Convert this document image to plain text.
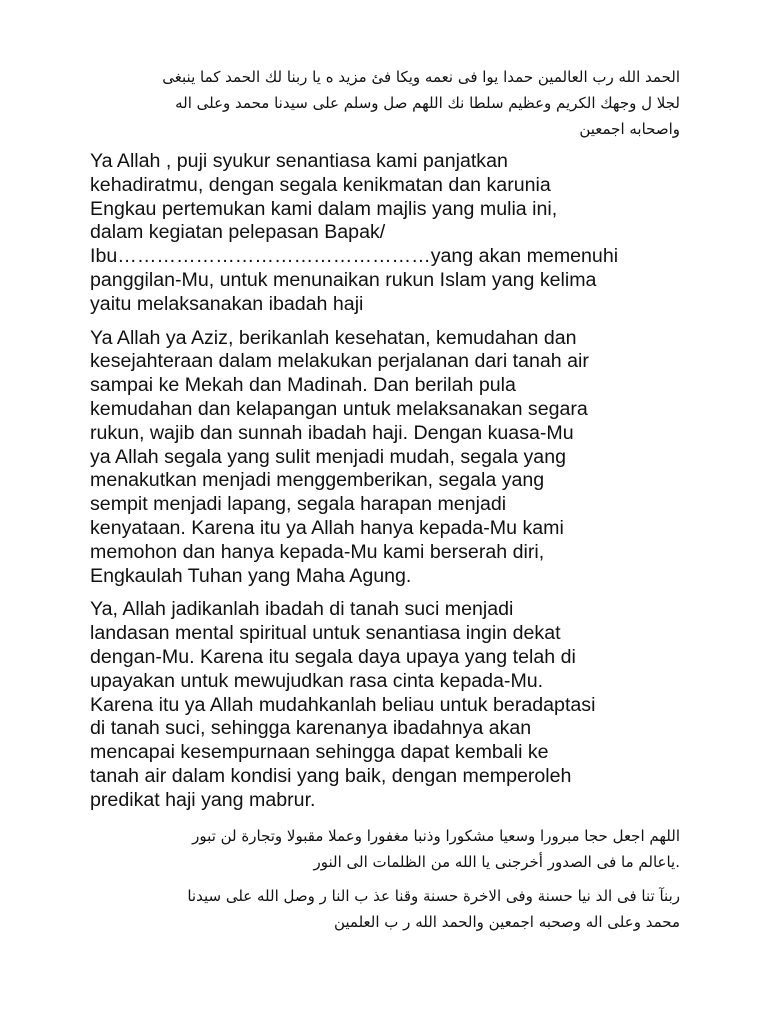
الحمد الله رب العالمين حمدا يوا فى نعمه ويكا فئ مزيد ه يا ربنا لك الحمد كما ينبغى
لجلا ل وجهك الكريم وعظيم سلطا نك اللهم صل وسلم على سيدنا محمد وعلى اله
واصحابه اجمعين
Ya Allah , puji syukur senantiasa kami panjatkan
kehadiratmu, dengan segala kenikmatan dan karunia
Engkau pertemukan kami dalam majlis yang mulia ini,
dalam kegiatan pelepasan Bapak/
Ibu…………………………………………yang akan memenuhi
panggilan-Mu, untuk menunaikan rukun Islam yang kelima
yaitu melaksanakan ibadah haji
Ya Allah ya Aziz, berikanlah kesehatan, kemudahan dan
kesejahteraan dalam melakukan perjalanan dari tanah air
sampai ke Mekah dan Madinah. Dan berilah pula
kemudahan dan kelapangan untuk melaksanakan segara
rukun, wajib dan sunnah ibadah haji. Dengan kuasa-Mu
ya Allah segala yang sulit menjadi mudah, segala yang
menakutkan menjadi menggemberikan, segala yang
sempit menjadi lapang, segala harapan menjadi
kenyataan. Karena itu ya Allah hanya kepada-Mu kami
memohon dan hanya kepada-Mu kami berserah diri,
Engkaulah Tuhan yang Maha Agung.
Ya, Allah jadikanlah ibadah di tanah suci menjadi
landasan mental spiritual untuk senantiasa ingin dekat
dengan-Mu. Karena itu segala daya upaya yang telah di
upayakan untuk mewujudkan rasa cinta kepada-Mu.
Karena itu ya Allah mudahkanlah beliau untuk beradaptasi
di tanah suci, sehingga karenanya ibadahnya akan
mencapai kesempurnaan sehingga dapat kembali ke
tanah air dalam kondisi yang baik, dengan memperoleh
predikat haji yang mabrur.
اللهم اجعل حجا مبرورا وسعيا مشكورا وذنبا مغفورا وعملا مقبولا وتجارة لن تبور
.ياعالم ما فى الصدور أخرجنى يا الله من الظلمات الى النور
ربنآ تنا فى الد نيا حسنة وفى الاخرة حسنة وقنا عذ ب النا ر وصل الله على سيدنا
محمد وعلى اله وصحبه اجمعين والحمد الله ر ب العلمين
